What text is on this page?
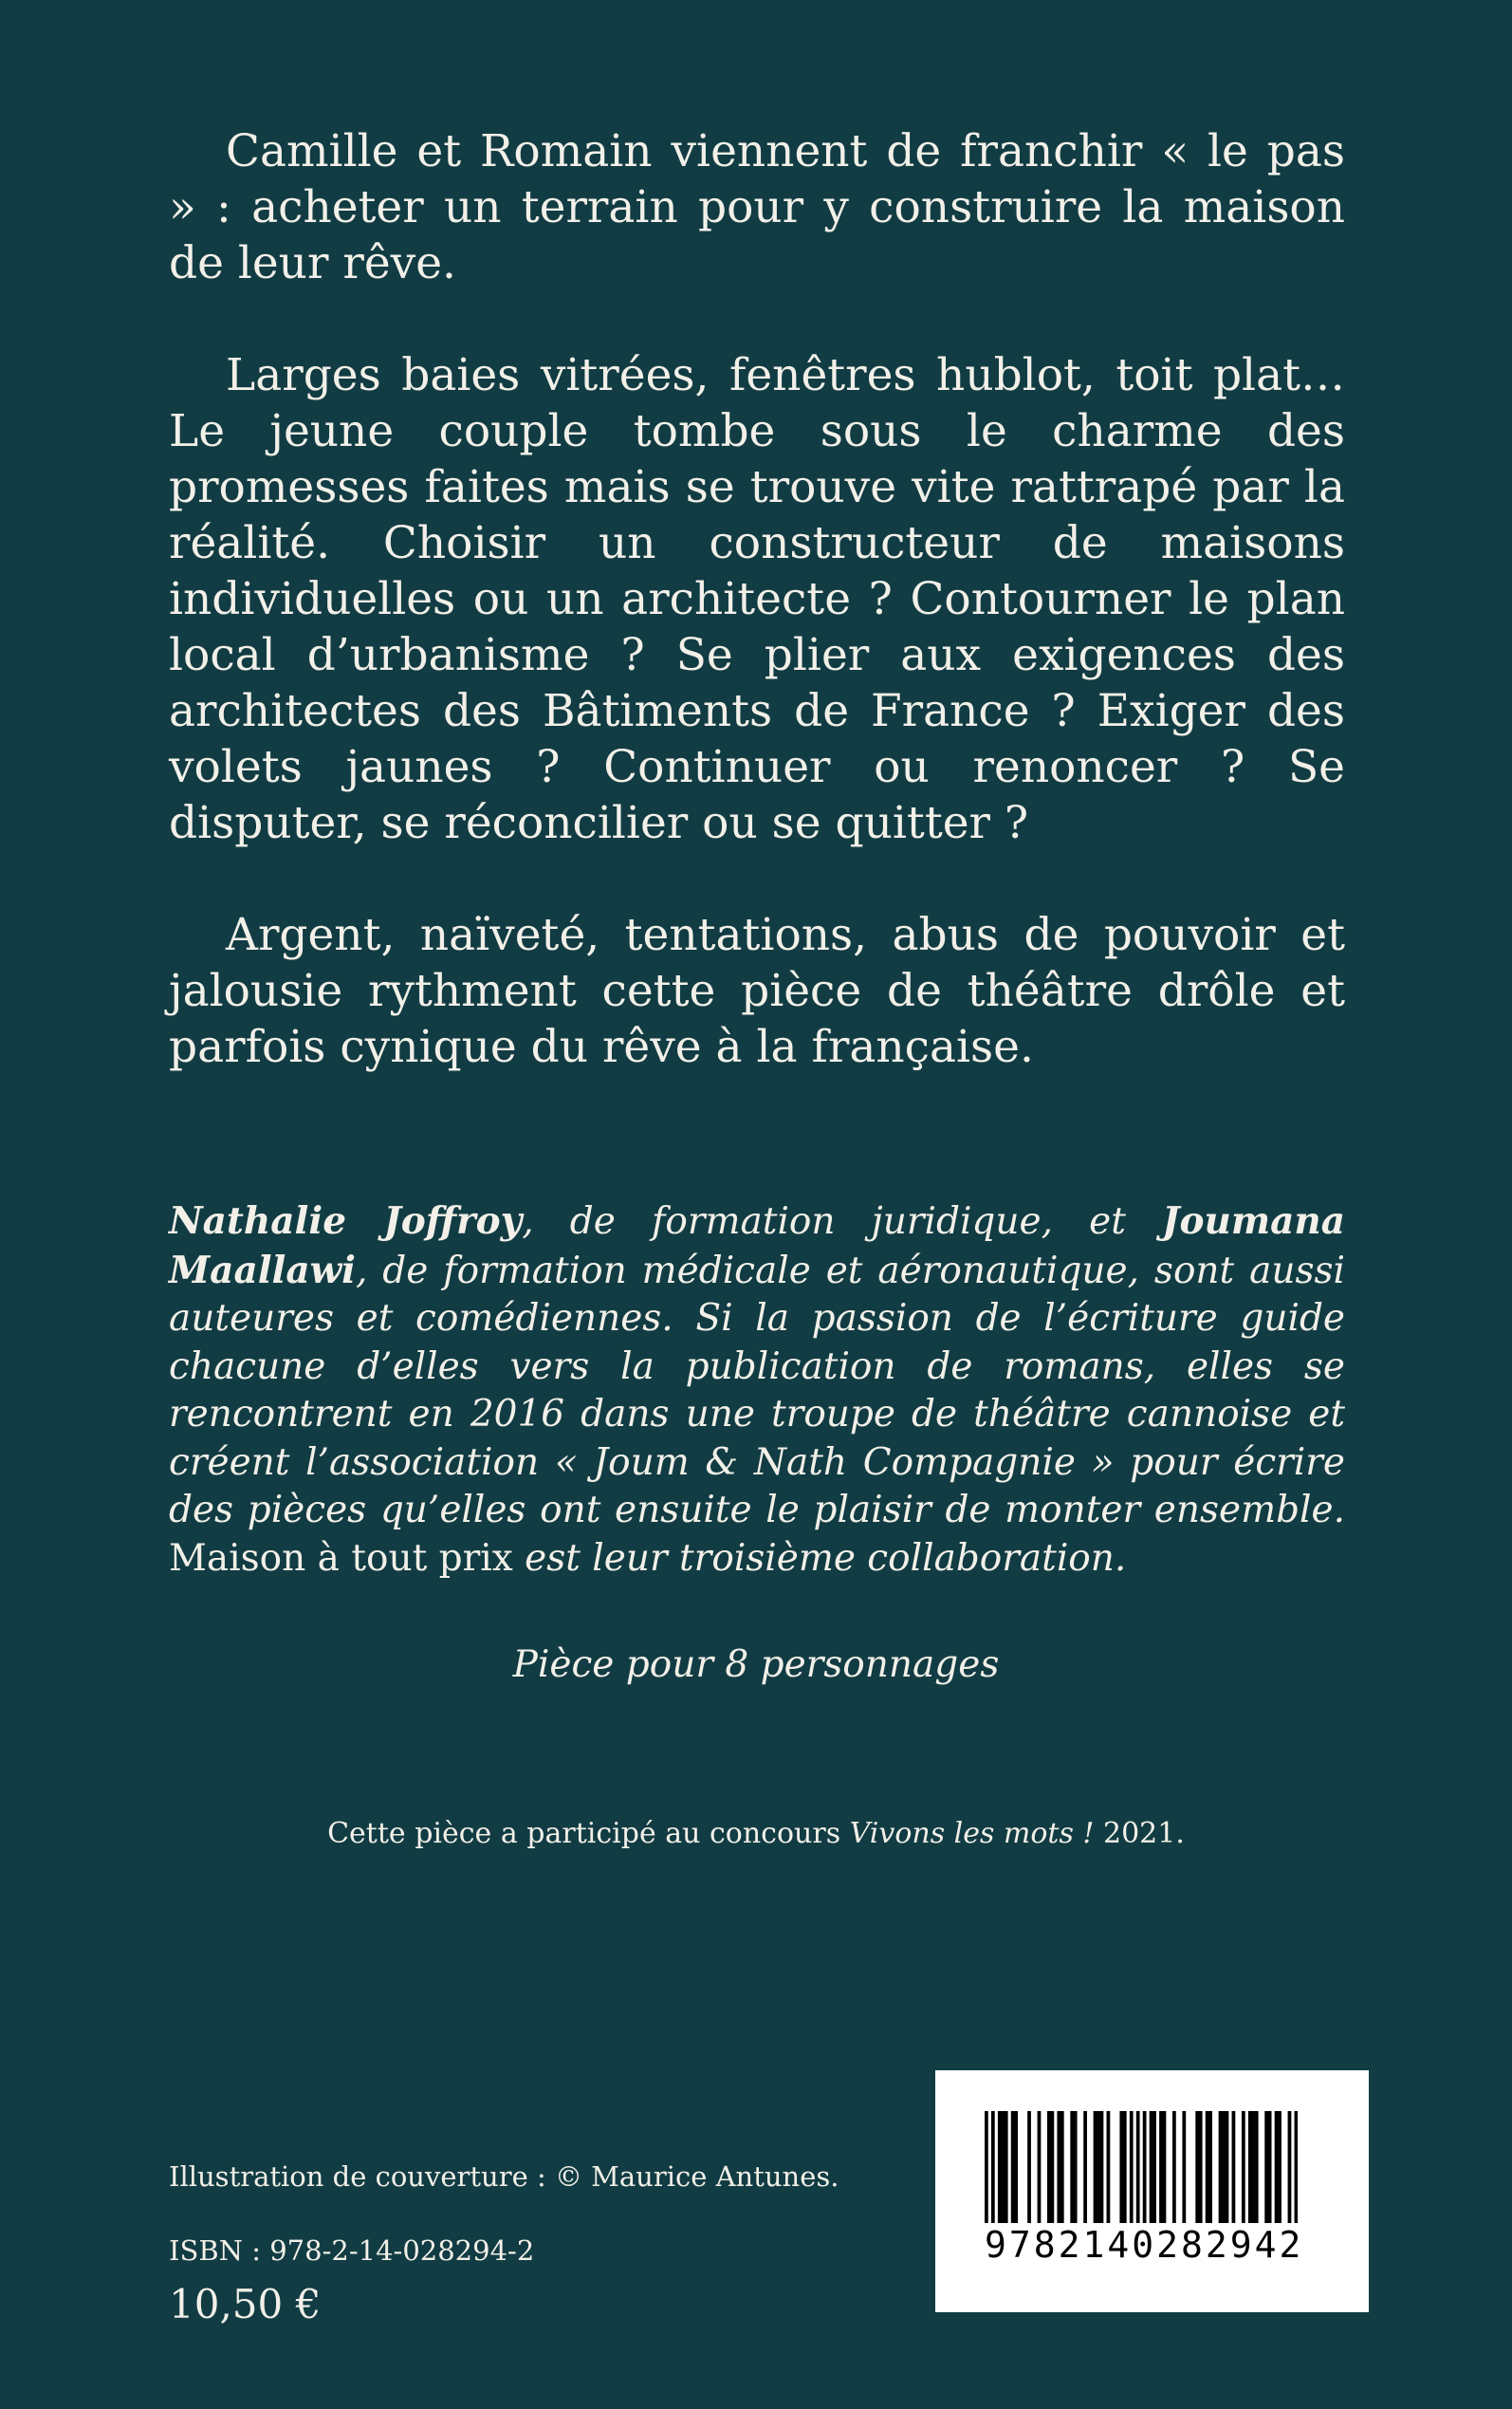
Camille et Romain viennent de franchir « le pas » : acheter un terrain pour y construire la maison de leur rêve.

Larges baies vitrées, fenêtres hublot, toit plat… Le jeune couple tombe sous le charme des promesses faites mais se trouve vite rattrapé par la réalité. Choisir un constructeur de maisons individuelles ou un architecte ? Contourner le plan local d’urbanisme ? Se plier aux exigences des architectes des Bâtiments de France ? Exiger des volets jaunes ? Continuer ou renoncer ? Se disputer, se réconcilier ou se quitter ?

Argent, naïveté, tentations, abus de pouvoir et jalousie rythment cette pièce de théâtre drôle et parfois cynique du rêve à la française.

Nathalie Joffroy, de formation juridique, et Joumana Maallawi, de formation médicale et aéronautique, sont aussi auteures et comédiennes. Si la passion de l’écriture guide chacune d’elles vers la publication de romans, elles se rencontrent en 2016 dans une troupe de théâtre cannoise et créent l’association « Joum & Nath Compagnie » pour écrire des pièces qu’elles ont ensuite le plaisir de monter ensemble. Maison à tout prix est leur troisième collaboration.

Pièce pour 8 personnages
Cette pièce a participé au concours Vivons les mots ! 2021.
Illustration de couverture : © Maurice Antunes.
ISBN : 978-2-14-028294-2
10,50 €
9782140282942
